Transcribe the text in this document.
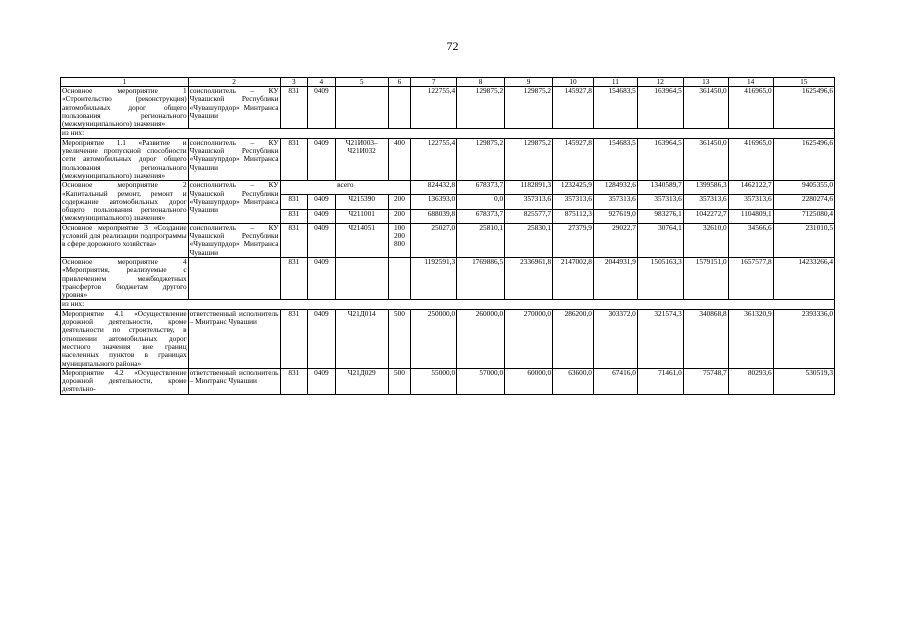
72
1	2	3	4	5	6	7	8	9	10	11	12	13	14	15
Основное мероприятие 1 «Строительство (реконструкция) автомобильных дорог общего пользования регионального (межмуниципального) значения»	соисполнитель – КУ Чувашской Республики «Чувашупрдор» Минтранса Чувашии	831	0409			122755,4	129875,2	129875,2	145927,8	154683,5	163964,5	361450,0	416965,0	1625496,6
из них:														
Мероприятие 1.1 «Развитие и увеличение пропускной способности сети автомобильных дорог общего пользования регионального (межмуниципального) значения»	соисполнитель – КУ Чувашской Республики «Чувашупрдор» Минтранса Чувашии	831	0409	Ч21И003– Ч21И032	400	122755,4	129875,2	129875,2	145927,8	154683,5	163964,5	361450,0	416965,0	1625496,6
Основное мероприятие 2 «Капитальный ремонт, ремонт и содержание автомобильных дорог общего пользования регионального (межмуниципального) значения»	соисполнитель – КУ Чувашской Республики «Чувашупрдор» Минтранса Чувашии	всего				824432,8	678373,7	1182891,3	1232425,9	1284932,6	1340589,7	1399586,3	1462122,7	9405355,0
		831	0409	Ч215390	200	136393,0	0,0	357313,6	357313,6	357313,6	357313,6	357313,6	357313,6	2280274,6
		831	0409	Ч211001	200	688039,8	678373,7	825577,7	875112,3	927619,0	983276,1	1042272,7	1104809,1	7125080,4
Основное мероприятие 3 «Создание условий для реализации подпрограммы в сфере дорожного хозяйства»	соисполнитель – КУ Чувашской Республики «Чувашупрдор» Минтранса Чувашии	831	0409	Ч214051	100 200 800	25027,0	25810,1	25830,1	27379,9	29022,7	30764,1	32610,0	34566,6	231010,5
Основное мероприятие 4 «Мероприятия, реализуемые с привлечением межбюджетных трансфертов бюджетам другого уровня»		831	0409			1192591,3	1769886,5	2336961,8	2147002,8	2044931,9	1505163,3	1579151,0	1657577,8	14233266,4
из них:														
Мероприятие 4.1 «Осуществление дорожной деятельности, кроме деятельности по строительству, в отношении автомобильных дорог местного значения вне границ населенных пунктов в границах муниципального района»	ответственный исполнитель – Минтранс Чувашии	831	0409	Ч21Д014	500	250000,0	260000,0	270000,0	286200,0	303372,0	321574,3	340868,8	361320,9	2393336,0
Мероприятие 4.2 «Осуществление дорожной деятельности, кроме деятельно-	ответственный исполнитель – Минтранс Чувашии	831	0409	Ч21Д029	500	55000,0	57000,0	60000,0	63600,0	67416,0	71461,0	75748,7	80293,6	530519,3
